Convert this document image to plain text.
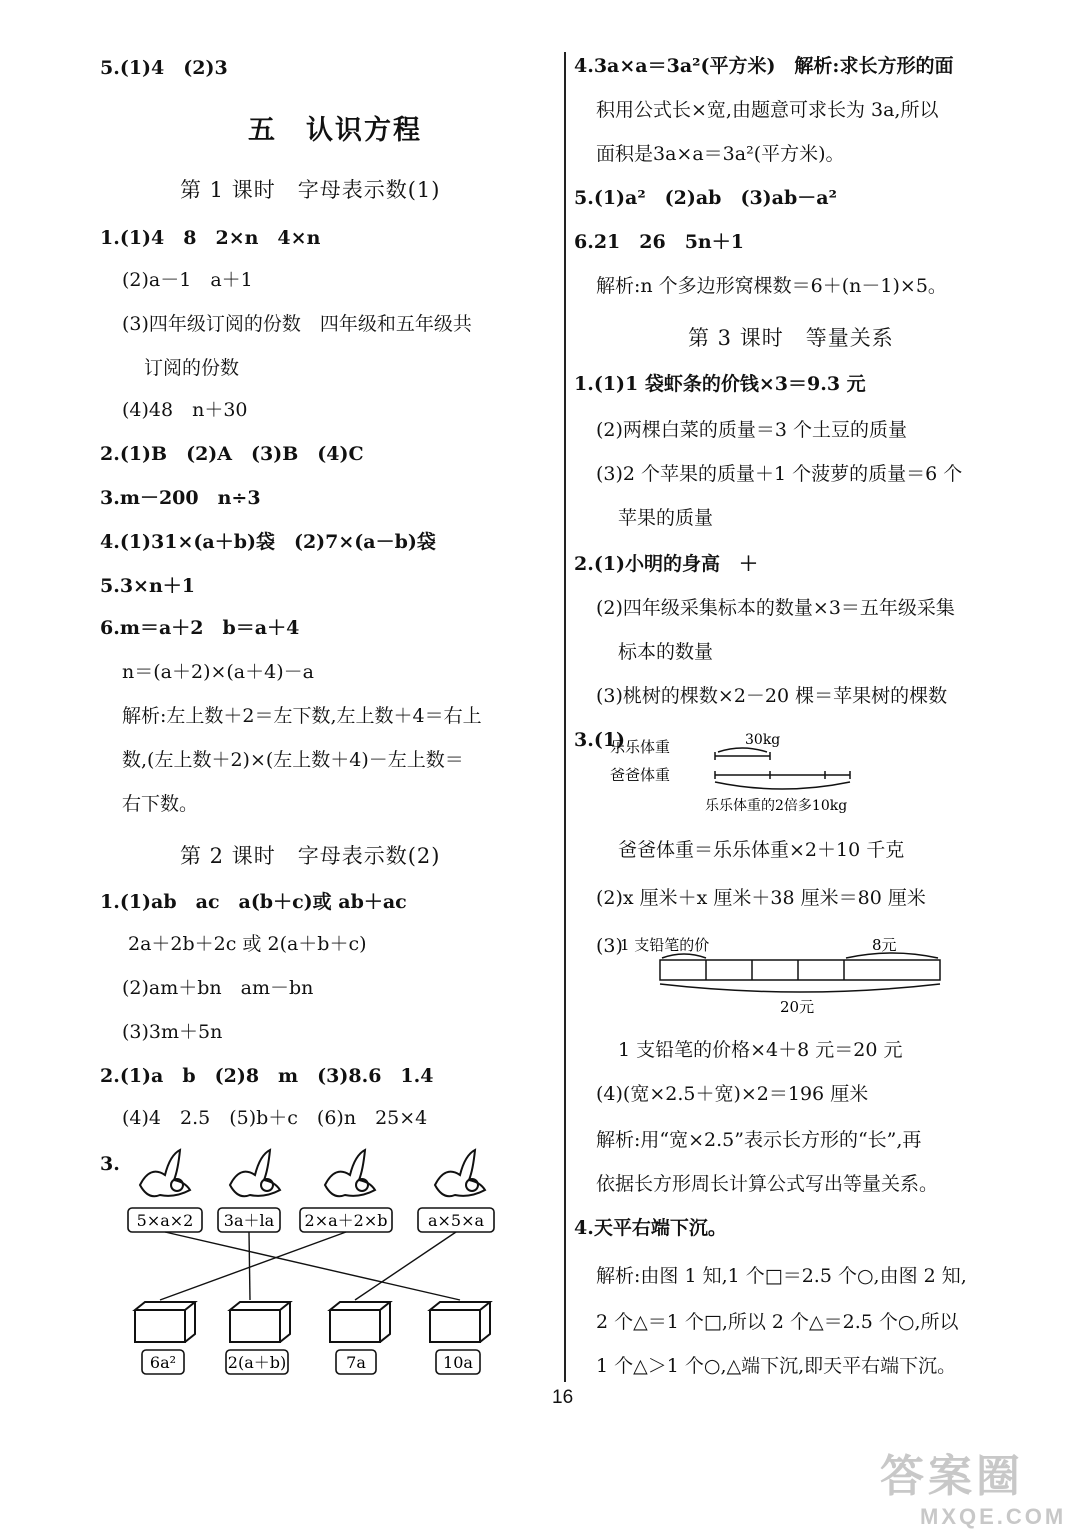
5.(1)4　(2)3
五　认识方程
第 1 课时　字母表示数(1)
1.(1)4　8　2×n　4×n
(2)a－1　a＋1
(3)四年级订阅的份数　四年级和五年级共
订阅的份数
(4)48　n＋30
2.(1)B　(2)A　(3)B　(4)C
3.m－200　n÷3
4.(1)31×(a＋b)袋　(2)7×(a－b)袋
5.3×n＋1
6.m＝a＋2　b＝a＋4
n＝(a＋2)×(a＋4)－a
解析:左上数＋2＝左下数,左上数＋4＝右上
数,(左上数＋2)×(左上数＋4)－左上数＝
右下数。
第 2 课时　字母表示数(2)
1.(1)ab　ac　a(b＋c)或 ab＋ac
2a＋2b＋2c 或 2(a＋b＋c)
(2)am＋bn　am－bn
(3)3m＋5n
2.(1)a　b　(2)8　m　(3)8.6　1.4
(4)4　2.5　(5)b＋c　(6)n　25×4
3.
5×a×2 3a＋la 2×a＋2×b	a×5×a
6a²	2(a＋b)	7a	10a
4.3a×a＝3a²(平方米)　解析:求长方形的面
积用公式长×宽,由题意可求长为 3a,所以
面积是3a×a＝3a²(平方米)。
5.(1)a²　(2)ab　(3)ab－a²
6.21　26　5n＋1
解析:n 个多边形窝棵数＝6＋(n－1)×5。
第 3 课时　等量关系
1.(1)1 袋虾条的价钱×3＝9.3 元
(2)两棵白菜的质量＝3 个土豆的质量
(3)2 个苹果的质量＋1 个菠萝的质量＝6 个
苹果的质量
2.(1)小明的身高　＋
(2)四年级采集标本的数量×3＝五年级采集
标本的数量
(3)桃树的棵数×2－20 棵＝苹果树的棵数
3.(1)
爸爸体重＝乐乐体重×2＋10 千克
(2)x 厘米＋x 厘米＋38 厘米＝80 厘米
(3)
1 支铅笔的价格×4＋8 元＝20 元
(4)(宽×2.5＋宽)×2＝196 厘米
解析:用“宽×2.5”表示长方形的“长”,再
依据长方形周长计算公式写出等量关系。
4.天平右端下沉。
解析:由图 1 知,1 个□＝2.5 个○,由图 2 知,
2 个△＝1 个□,所以 2 个△＝2.5 个○,所以
1 个△＞1 个○,△端下沉,即天平右端下沉。
乐乐体重
爸爸体重
30kg
乐乐体重的2倍多10kg
1 支铅笔的价	8元
20元
16
答案圈
MXQE.COM
